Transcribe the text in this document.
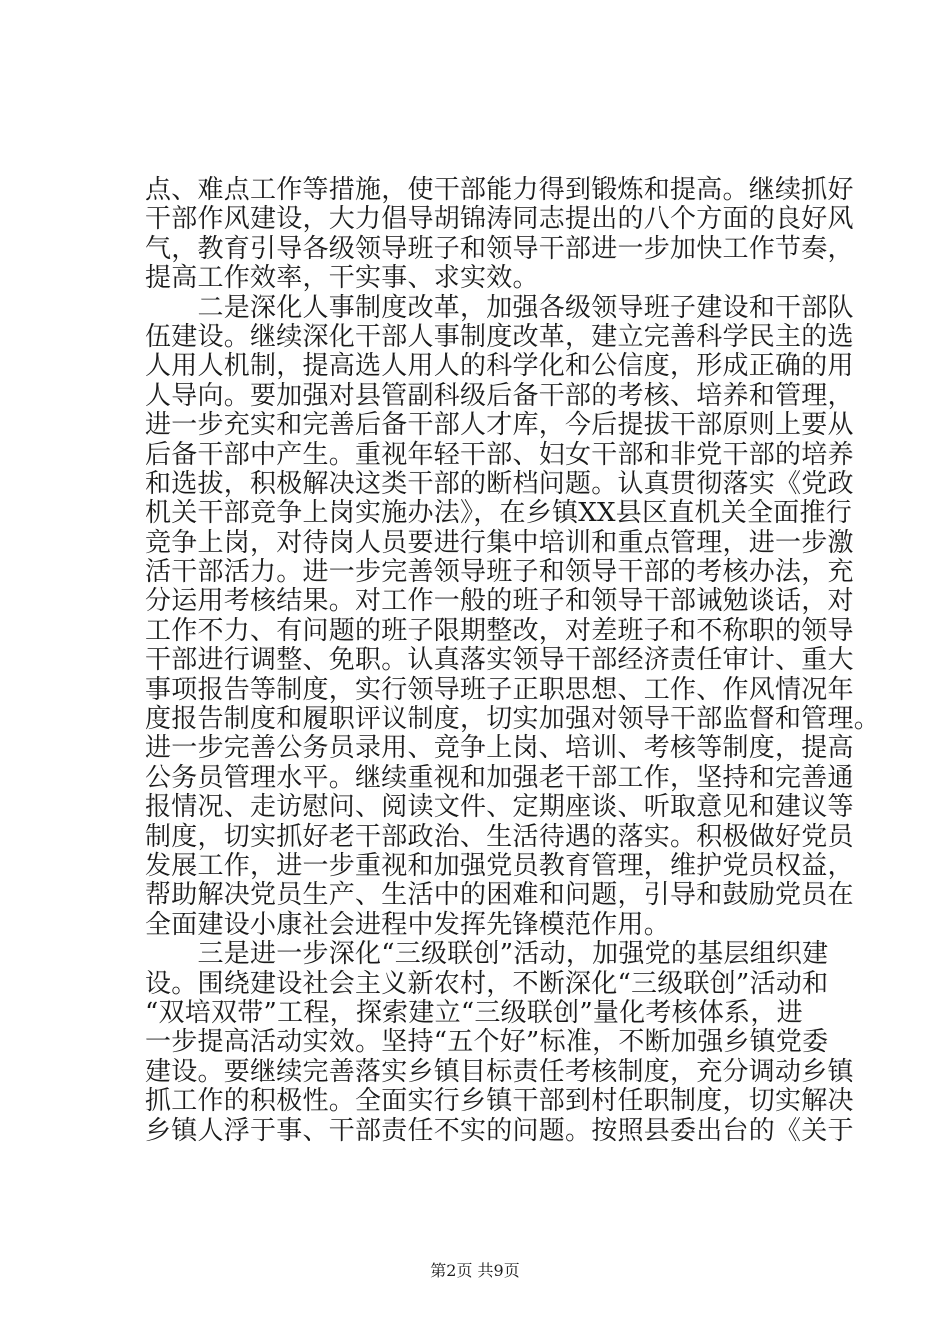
点、难点工作等措施，使干部能力得到锻炼和提高。继续抓好
干部作风建设，大力倡导胡锦涛同志提出的八个方面的良好风
气，教育引导各级领导班子和领导干部进一步加快工作节奏，
提高工作效率，干实事、求实效。
　　二是深化人事制度改革，加强各级领导班子建设和干部队
伍建设。继续深化干部人事制度改革，建立完善科学民主的选
人用人机制，提高选人用人的科学化和公信度，形成正确的用
人导向。要加强对县管副科级后备干部的考核、培养和管理，
进一步充实和完善后备干部人才库，今后提拔干部原则上要从
后备干部中产生。重视年轻干部、妇女干部和非党干部的培养
和选拔，积极解决这类干部的断档问题。认真贯彻落实《党政
机关干部竞争上岗实施办法》，在乡镇XX县区直机关全面推行
竞争上岗，对待岗人员要进行集中培训和重点管理，进一步激
活干部活力。进一步完善领导班子和领导干部的考核办法，充
分运用考核结果。对工作一般的班子和领导干部诫勉谈话，对
工作不力、有问题的班子限期整改，对差班子和不称职的领导
干部进行调整、免职。认真落实领导干部经济责任审计、重大
事项报告等制度，实行领导班子正职思想、工作、作风情况年
度报告制度和履职评议制度，切实加强对领导干部监督和管理。
进一步完善公务员录用、竞争上岗、培训、考核等制度，提高
公务员管理水平。继续重视和加强老干部工作，坚持和完善通
报情况、走访慰问、阅读文件、定期座谈、听取意见和建议等
制度，切实抓好老干部政治、生活待遇的落实。积极做好党员
发展工作，进一步重视和加强党员教育管理，维护党员权益，
帮助解决党员生产、生活中的困难和问题，引导和鼓励党员在
全面建设小康社会进程中发挥先锋模范作用。
　　三是进一步深化“三级联创”活动，加强党的基层组织建
设。围绕建设社会主义新农村，不断深化“三级联创”活动和
“双培双带”工程，探索建立“三级联创”量化考核体系，进
一步提高活动实效。坚持“五个好”标准，不断加强乡镇党委
建设。要继续完善落实乡镇目标责任考核制度，充分调动乡镇
抓工作的积极性。全面实行乡镇干部到村任职制度，切实解决
乡镇人浮于事、干部责任不实的问题。按照县委出台的《关于
第2页 共9页
